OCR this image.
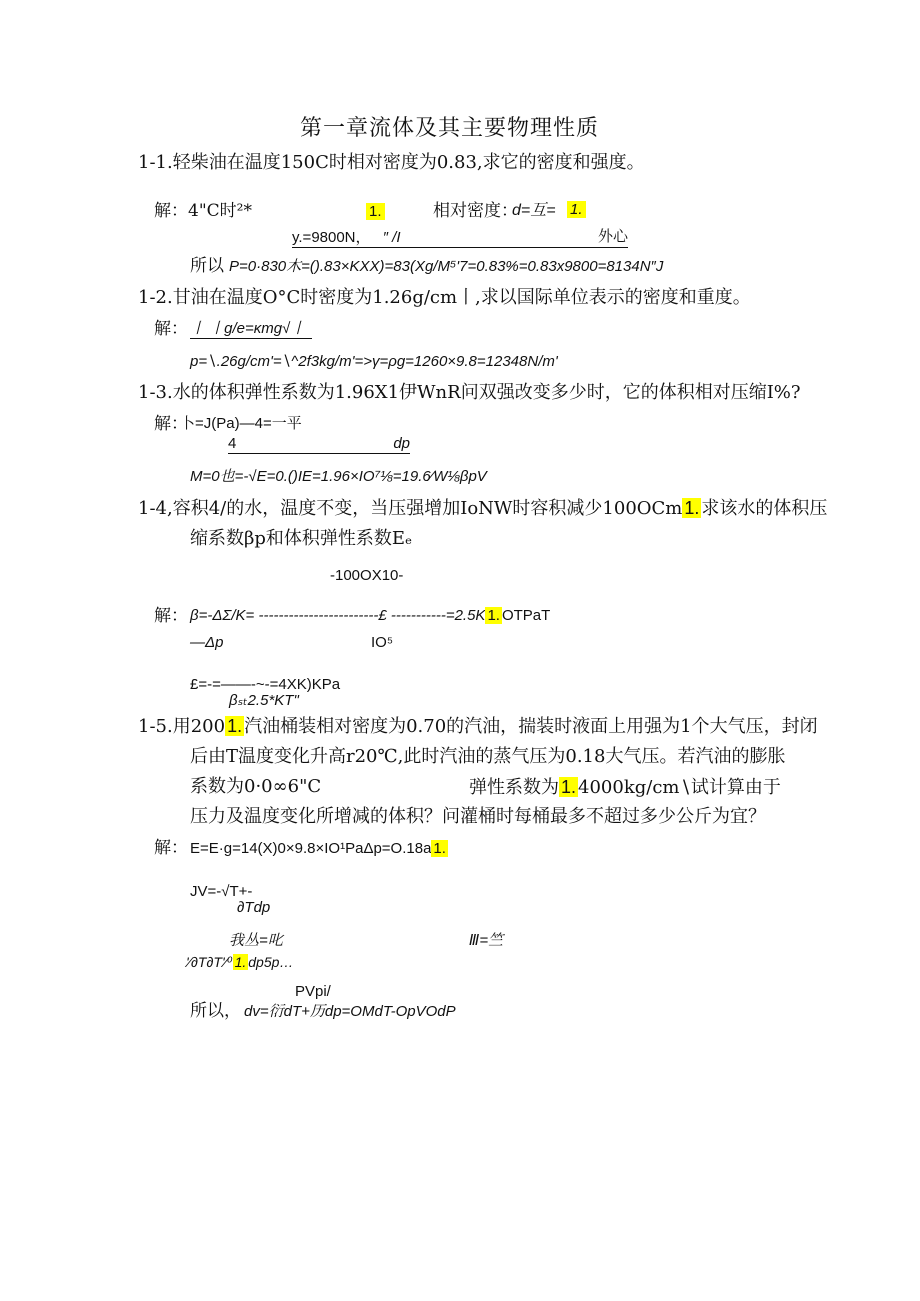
第一章流体及其主要物理性质
1-1.轻柴油在温度150C时相对密度为0.83,求它的密度和强度。
解：4"C时²*	1.	相对密度：
d=互= 1.
y.=9800N， ″ /I	外心
所以 P=0·830木=().83×KXX)=83(Xg/M⁵'7=0.83%=0.83x9800=8134N″J
1-2.甘油在温度O°C时密度为1.26g/cm丨,求以国际单位表示的密度和重度。
解： 丨 丨g/e=κmg√丨
p=∖.26g/cm'=∖^2f3kg/m'=>γ=ρg=1260×9.8=12348N/m'
1-3.水的体积弹性系数为1.96X1伊WnR问双强改变多少时，它的体积相对压缩I%?
解：
卜=J(Pa)—4=一平
4	dp
M=0也=-√E=0.()IE=1.96×IO⁷⅛=19.6∕W⅛βpV
1-4,容积4/的水，温度不变，当压强增加IoNW时容积减少100OCm 1. 求该水的体积压
缩系数βp和体积弹性系数Eₑ
-100OX10-
解： β=-ΔΣ/K= ------------------------£ -----------=2.5K 1. OTPaT
—Δp	IO⁵
£=-=——-~-=4XK)KPa
βₛₜ2.5*KT"
1-5.用200 1. 汽油桶装相对密度为0.70的汽油，揣装时液面上用强为1个大气压，封闭
后由T温度变化升高r20℃,此时汽油的蒸气压为0.18大气压。若汽油的膨胀
系数为0·0∞6"C	弹性系数为 1. 4000kg/cm∖试计算由于
压力及温度变化所增减的体积？问灌桶时每桶最多不超过多少公斤为宜？
解： E=E·g=14(X)0×9.8×IO¹PaΔp=O.18a 1.
JV=-√T+-
∂Tdp
我丛=叱	Ⅲ=竺
'∕∂T∂T'∕⁰ 1. dp5p…
PVpi/
所以， dv=衍dT+历dp=OMdT-OpVOdP
